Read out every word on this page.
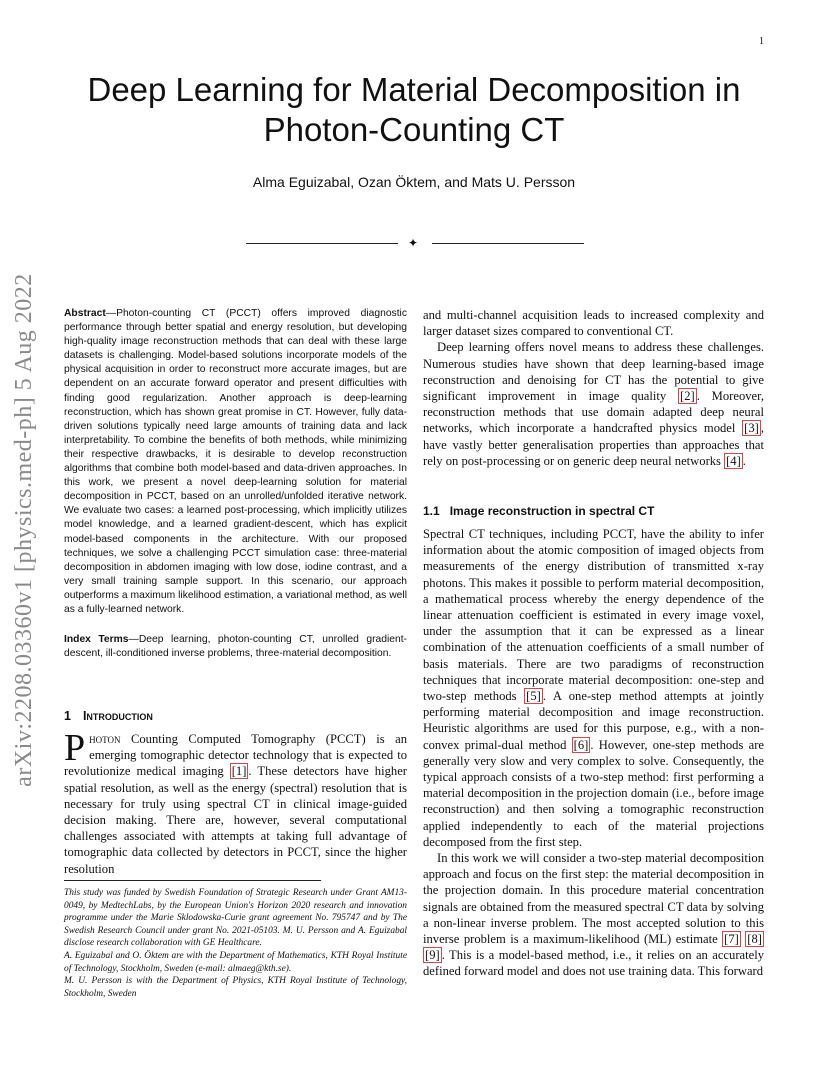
1
Deep Learning for Material Decomposition in Photon-Counting CT
Alma Eguizabal, Ozan Öktem, and Mats U. Persson
✦
arXiv:2208.03360v1 [physics.med-ph] 5 Aug 2022	Abstract—Photon-counting CT (PCCT) offers improved diagnostic performance through better spatial and energy resolution, but developing high-quality image reconstruction methods that can deal with these large datasets is challenging. Model-based solutions incorporate models of the physical acquisition in order to reconstruct more accurate images, but are dependent on an accurate forward operator and present difficulties with finding good regularization. Another approach is deep-learning reconstruction, which has shown great promise in CT. However, fully data-driven solutions typically need large amounts of training data and lack interpretability. To combine the benefits of both methods, while minimizing their respective drawbacks, it is desirable to develop reconstruction algorithms that combine both model-based and data-driven approaches. In this work, we present a novel deep-learning solution for material decomposition in PCCT, based on an unrolled/unfolded iterative network. We evaluate two cases: a learned post-processing, which implicitly utilizes model knowledge, and a learned gradient-descent, which has explicit model-based components in the architecture. With our proposed techniques, we solve a challenging PCCT simulation case: three-material decomposition in abdomen imaging with low dose, iodine contrast, and a very small training sample support. In this scenario, our approach outperforms a maximum likelihood estimation, a variational method, as well as a fully-learned network.
Index Terms—Deep learning, photon-counting CT, unrolled gradient-descent, ill-conditioned inverse problems, three-material decomposition.
1 Introduction
Photon Counting Computed Tomography (PCCT) is an emerging tomographic detector technology that is expected to revolutionize medical imaging [1] . These detectors have higher spatial resolution, as well as the energy (spectral) resolution that is necessary for truly using spectral CT in clinical image-guided decision making. There are, however, several computational challenges associated with attempts at taking full advantage of tomographic data collected by detectors in PCCT, since the higher resolution

This study was funded by Swedish Foundation of Strategic Research under Grant AM13-0049, by MedtechLabs, by the European Union's Horizon 2020 research and innovation programme under the Marie Sklodowska-Curie grant agreement No. 795747 and by The Swedish Research Council under grant No. 2021-05103. M. U. Persson and A. Eguizabal disclose research collaboration with GE Healthcare.

A. Eguizabal and O. Öktem are with the Department of Mathematics, KTH Royal Institute of Technology, Stockholm, Sweden (e-mail: almaeg@kth.se).

M. U. Persson is with the Department of Physics, KTH Royal Institute of Technology, Stockholm, Sweden

and multi-channel acquisition leads to increased complexity and larger dataset sizes compared to conventional CT.

Deep learning offers novel means to address these challenges. Numerous studies have shown that deep learning-based image reconstruction and denoising for CT has the potential to give significant improvement in image quality [2] . Moreover, reconstruction methods that use domain adapted deep neural networks, which incorporate a handcrafted physics model [3] , have vastly better generalisation properties than approaches that rely on post-processing or on generic deep neural networks [4] .

1.1 Image reconstruction in spectral CT

Spectral CT techniques, including PCCT, have the ability to infer information about the atomic composition of imaged objects from measurements of the energy distribution of transmitted x-ray photons. This makes it possible to perform material decomposition, a mathematical process whereby the energy dependence of the linear attenuation coefficient is estimated in every image voxel, under the assumption that it can be expressed as a linear combination of the attenuation coefficients of a small number of basis materials. There are two paradigms of reconstruction techniques that incorporate material decomposition: one-step and two-step methods [5] . A one-step method attempts at jointly performing material decomposition and image reconstruction. Heuristic algorithms are used for this purpose, e.g., with a non-convex primal-dual method [6] . However, one-step methods are generally very slow and very complex to solve. Consequently, the typical approach consists of a two-step method: first performing a material decomposition in the projection domain (i.e., before image reconstruction) and then solving a tomographic reconstruction applied independently to each of the material projections decomposed from the first step.

In this work we will consider a two-step material decomposition approach and focus on the first step: the material decomposition in the projection domain. In this procedure material concentration signals are obtained from the measured spectral CT data by solving a non-linear inverse problem. The most accepted solution to this inverse problem is a maximum-likelihood (ML) estimate [7] [8] [9] . This is a model-based method, i.e., it relies on an accurately defined forward model and does not use training data. This forward
